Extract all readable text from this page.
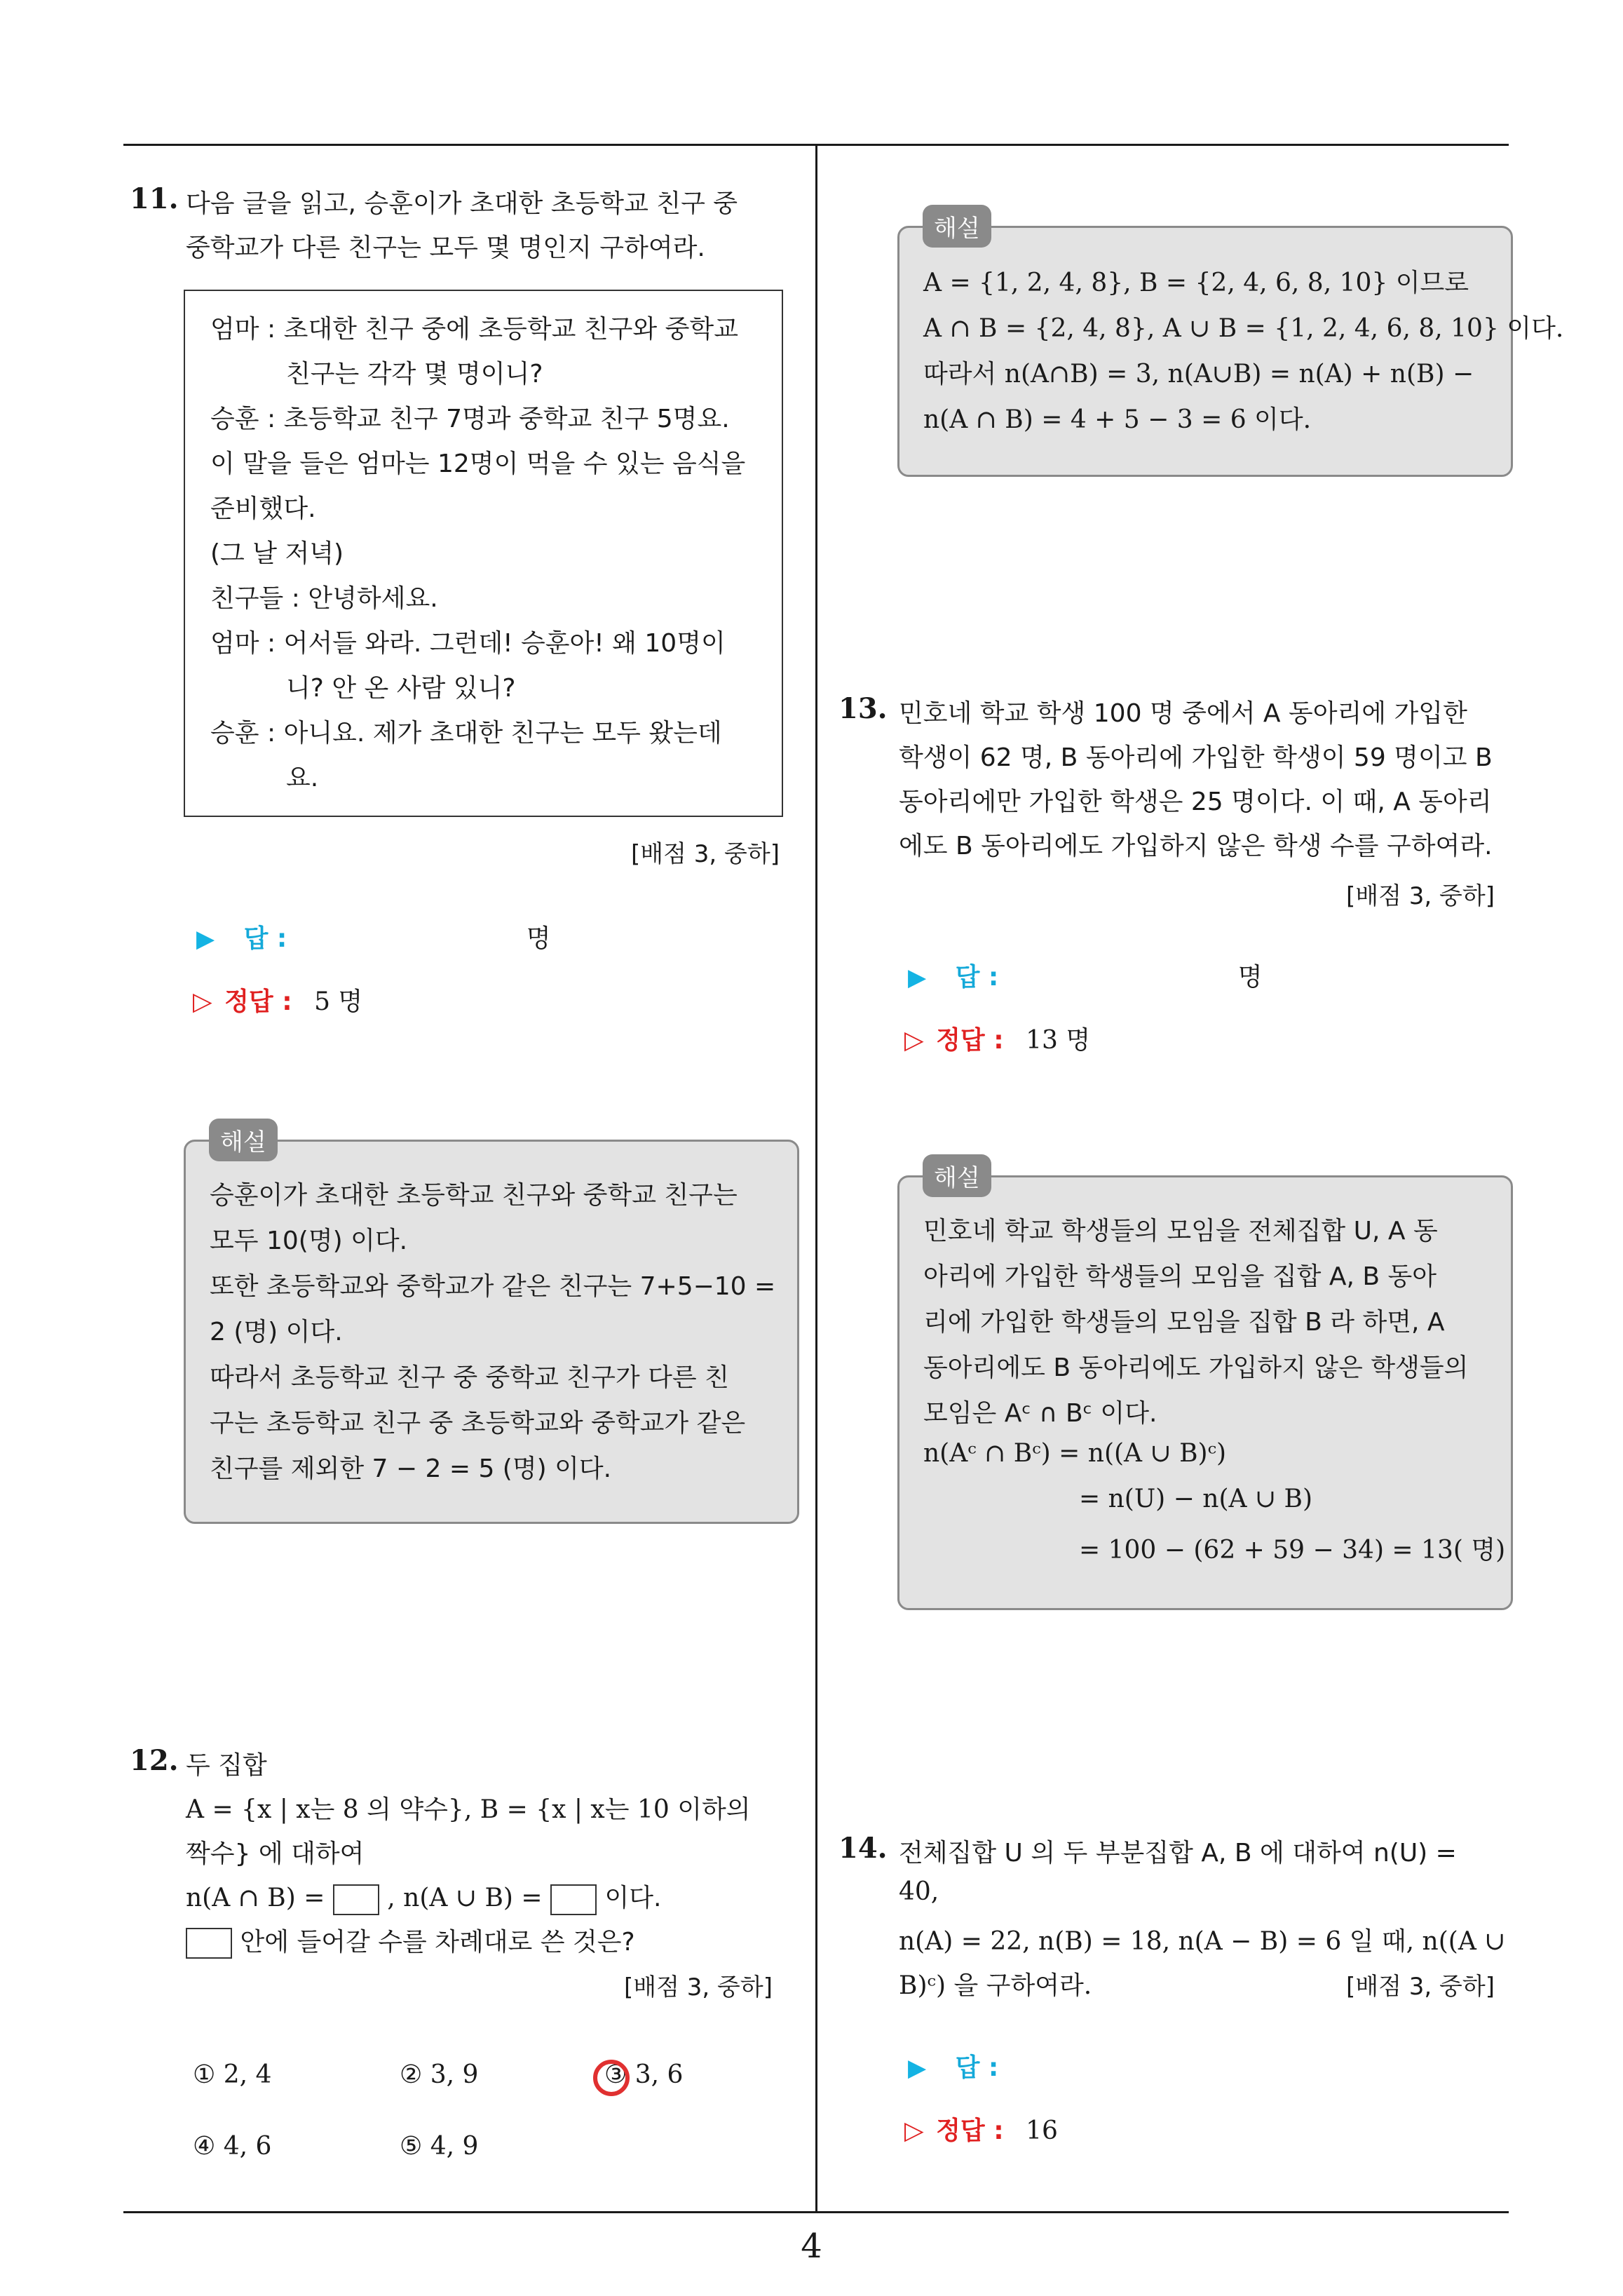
11. 다음 글을 읽고, 승훈이가 초대한 초등학교 친구 중
중학교가 다른 친구는 모두 몇 명인지 구하여라.
엄마 : 초대한 친구 중에 초등학교 친구와 중학교
친구는 각각 몇 명이니?
승훈 : 초등학교 친구 7명과 중학교 친구 5명요.
이 말을 들은 엄마는 12명이 먹을 수 있는 음식을
준비했다.
(그 날 저녁)
친구들 : 안녕하세요.
엄마 : 어서들 와라. 그런데! 승훈아! 왜 10명이
니? 안 온 사람 있니?
승훈 : 아니요. 제가 초대한 친구는 모두 왔는데
요.
[배점 3, 중하]
▶ 답 :	명
▷ 정답 : 5 명
승훈이가 초대한 초등학교 친구와 중학교 친구는
모두 10(명) 이다.
또한 초등학교와 중학교가 같은 친구는 7+5−10 =
2 (명) 이다.
따라서 초등학교 친구 중 중학교 친구가 다른 친
구는 초등학교 친구 중 초등학교와 중학교가 같은
친구를 제외한 7 − 2 = 5 (명) 이다.
해설
12. 두 집합
A = {x | x는 8 의 약수}, B = {x | x는 10 이하의
짝수} 에 대하여
n(A ∩ B) = , n(A ∪ B) = 이다.
안에 들어갈 수를 차례대로 쓴 것은?
[배점 3, 중하]
① 2, 4	② 3, 9	③ 3, 6
④ 4, 6	⑤ 4, 9
A = {1, 2, 4, 8}, B = {2, 4, 6, 8, 10} 이므로
A ∩ B = {2, 4, 8}, A ∪ B = {1, 2, 4, 6, 8, 10} 이다.
따라서 n(A∩B) = 3, n(A∪B) = n(A) + n(B) −
n(A ∩ B) = 4 + 5 − 3 = 6 이다.
해설
13. 민호네 학교 학생 100 명 중에서 A 동아리에 가입한
학생이 62 명, B 동아리에 가입한 학생이 59 명이고 B
동아리에만 가입한 학생은 25 명이다. 이 때, A 동아리
에도 B 동아리에도 가입하지 않은 학생 수를 구하여라.
[배점 3, 중하]
▶ 답 :	명
▷ 정답 : 13 명
민호네 학교 학생들의 모임을 전체집합 U, A 동
아리에 가입한 학생들의 모임을 집합 A, B 동아
리에 가입한 학생들의 모임을 집합 B 라 하면, A
동아리에도 B 동아리에도 가입하지 않은 학생들의
모임은 Aᶜ ∩ Bᶜ 이다.
n(Aᶜ ∩ Bᶜ) = n((A ∪ B)ᶜ)
= n(U) − n(A ∪ B)
= 100 − (62 + 59 − 34) = 13( 명)
해설
14. 전체집합 U 의 두 부분집합 A, B 에 대하여 n(U) =
40,
n(A) = 22, n(B) = 18, n(A − B) = 6 일 때, n((A ∪
B)ᶜ) 을 구하여라.	[배점 3, 중하]
▶ 답 :
▷ 정답 : 16
4
